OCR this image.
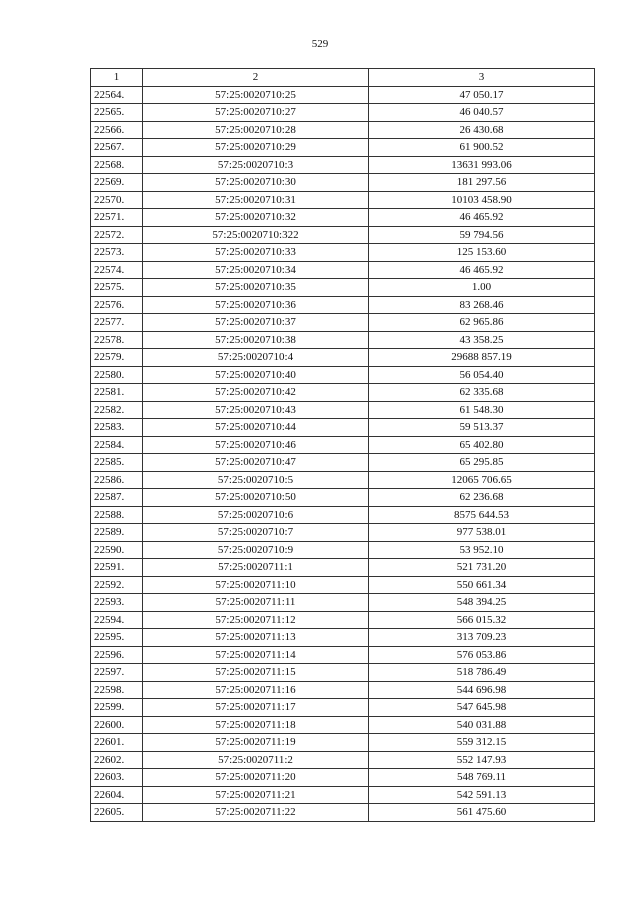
529
1	2	3
22564.	57:25:0020710:25	47 050.17
22565.	57:25:0020710:27	46 040.57
22566.	57:25:0020710:28	26 430.68
22567.	57:25:0020710:29	61 900.52
22568.	57:25:0020710:3	13631 993.06
22569.	57:25:0020710:30	181 297.56
22570.	57:25:0020710:31	10103 458.90
22571.	57:25:0020710:32	46 465.92
22572.	57:25:0020710:322	59 794.56
22573.	57:25:0020710:33	125 153.60
22574.	57:25:0020710:34	46 465.92
22575.	57:25:0020710:35	1.00
22576.	57:25:0020710:36	83 268.46
22577.	57:25:0020710:37	62 965.86
22578.	57:25:0020710:38	43 358.25
22579.	57:25:0020710:4	29688 857.19
22580.	57:25:0020710:40	56 054.40
22581.	57:25:0020710:42	62 335.68
22582.	57:25:0020710:43	61 548.30
22583.	57:25:0020710:44	59 513.37
22584.	57:25:0020710:46	65 402.80
22585.	57:25:0020710:47	65 295.85
22586.	57:25:0020710:5	12065 706.65
22587.	57:25:0020710:50	62 236.68
22588.	57:25:0020710:6	8575 644.53
22589.	57:25:0020710:7	977 538.01
22590.	57:25:0020710:9	53 952.10
22591.	57:25:0020711:1	521 731.20
22592.	57:25:0020711:10	550 661.34
22593.	57:25:0020711:11	548 394.25
22594.	57:25:0020711:12	566 015.32
22595.	57:25:0020711:13	313 709.23
22596.	57:25:0020711:14	576 053.86
22597.	57:25:0020711:15	518 786.49
22598.	57:25:0020711:16	544 696.98
22599.	57:25:0020711:17	547 645.98
22600.	57:25:0020711:18	540 031.88
22601.	57:25:0020711:19	559 312.15
22602.	57:25:0020711:2	552 147.93
22603.	57:25:0020711:20	548 769.11
22604.	57:25:0020711:21	542 591.13
22605.	57:25:0020711:22	561 475.60
